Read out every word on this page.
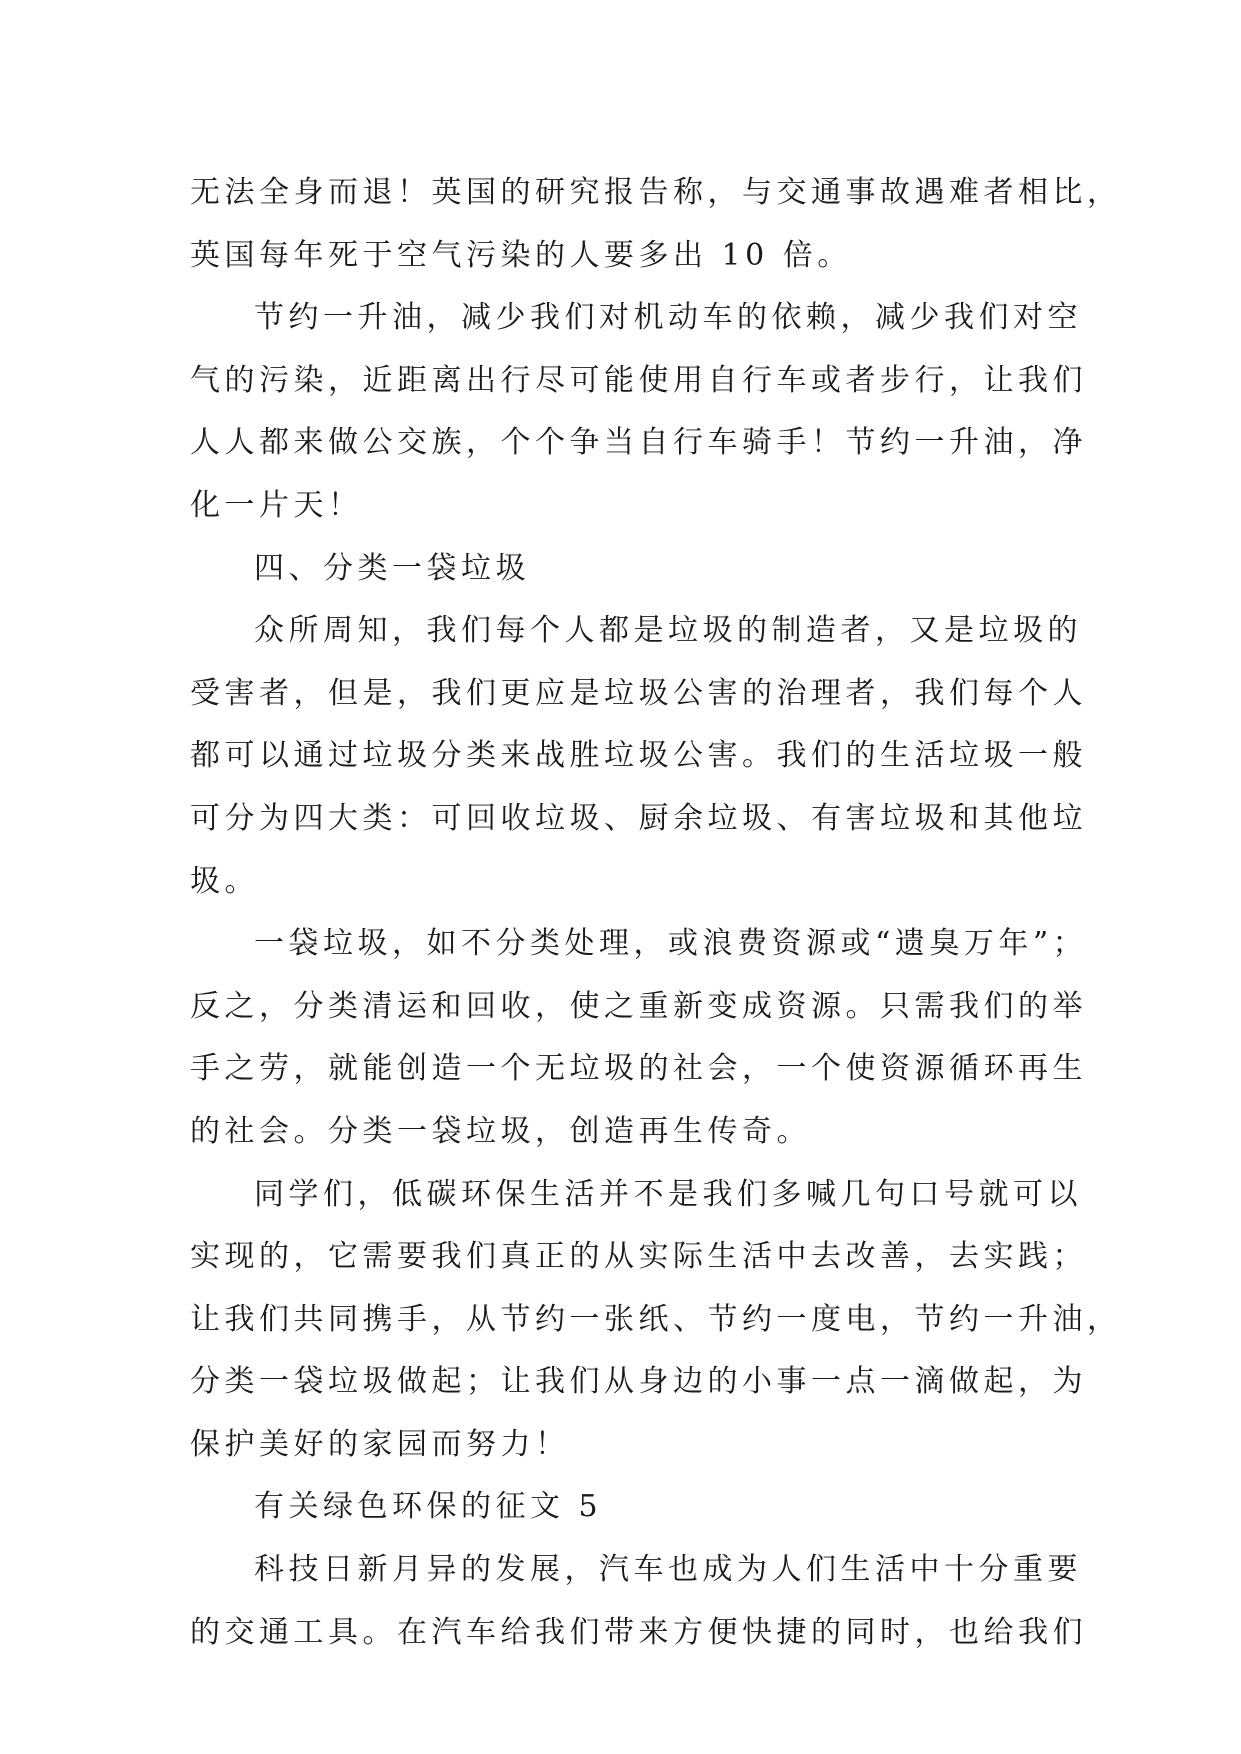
无法全身而退！英国的研究报告称，与交通事故遇难者相比，
英国每年死于空气污染的人要多出 10 倍。
节约一升油，减少我们对机动车的依赖，减少我们对空
气的污染，近距离出行尽可能使用自行车或者步行，让我们
人人都来做公交族，个个争当自行车骑手！节约一升油，净
化一片天！
四、分类一袋垃圾
众所周知，我们每个人都是垃圾的制造者，又是垃圾的
受害者，但是，我们更应是垃圾公害的治理者，我们每个人
都可以通过垃圾分类来战胜垃圾公害。我们的生活垃圾一般
可分为四大类：可回收垃圾、厨余垃圾、有害垃圾和其他垃
圾。
一袋垃圾，如不分类处理，或浪费资源或“遗臭万年”；
反之，分类清运和回收，使之重新变成资源。只需我们的举
手之劳，就能创造一个无垃圾的社会，一个使资源循环再生
的社会。分类一袋垃圾，创造再生传奇。
同学们，低碳环保生活并不是我们多喊几句口号就可以
实现的，它需要我们真正的从实际生活中去改善，去实践；
让我们共同携手，从节约一张纸、节约一度电，节约一升油，
分类一袋垃圾做起；让我们从身边的小事一点一滴做起，为
保护美好的家园而努力！
有关绿色环保的征文 5
科技日新月异的发展，汽车也成为人们生活中十分重要
的交通工具。在汽车给我们带来方便快捷的同时，也给我们
